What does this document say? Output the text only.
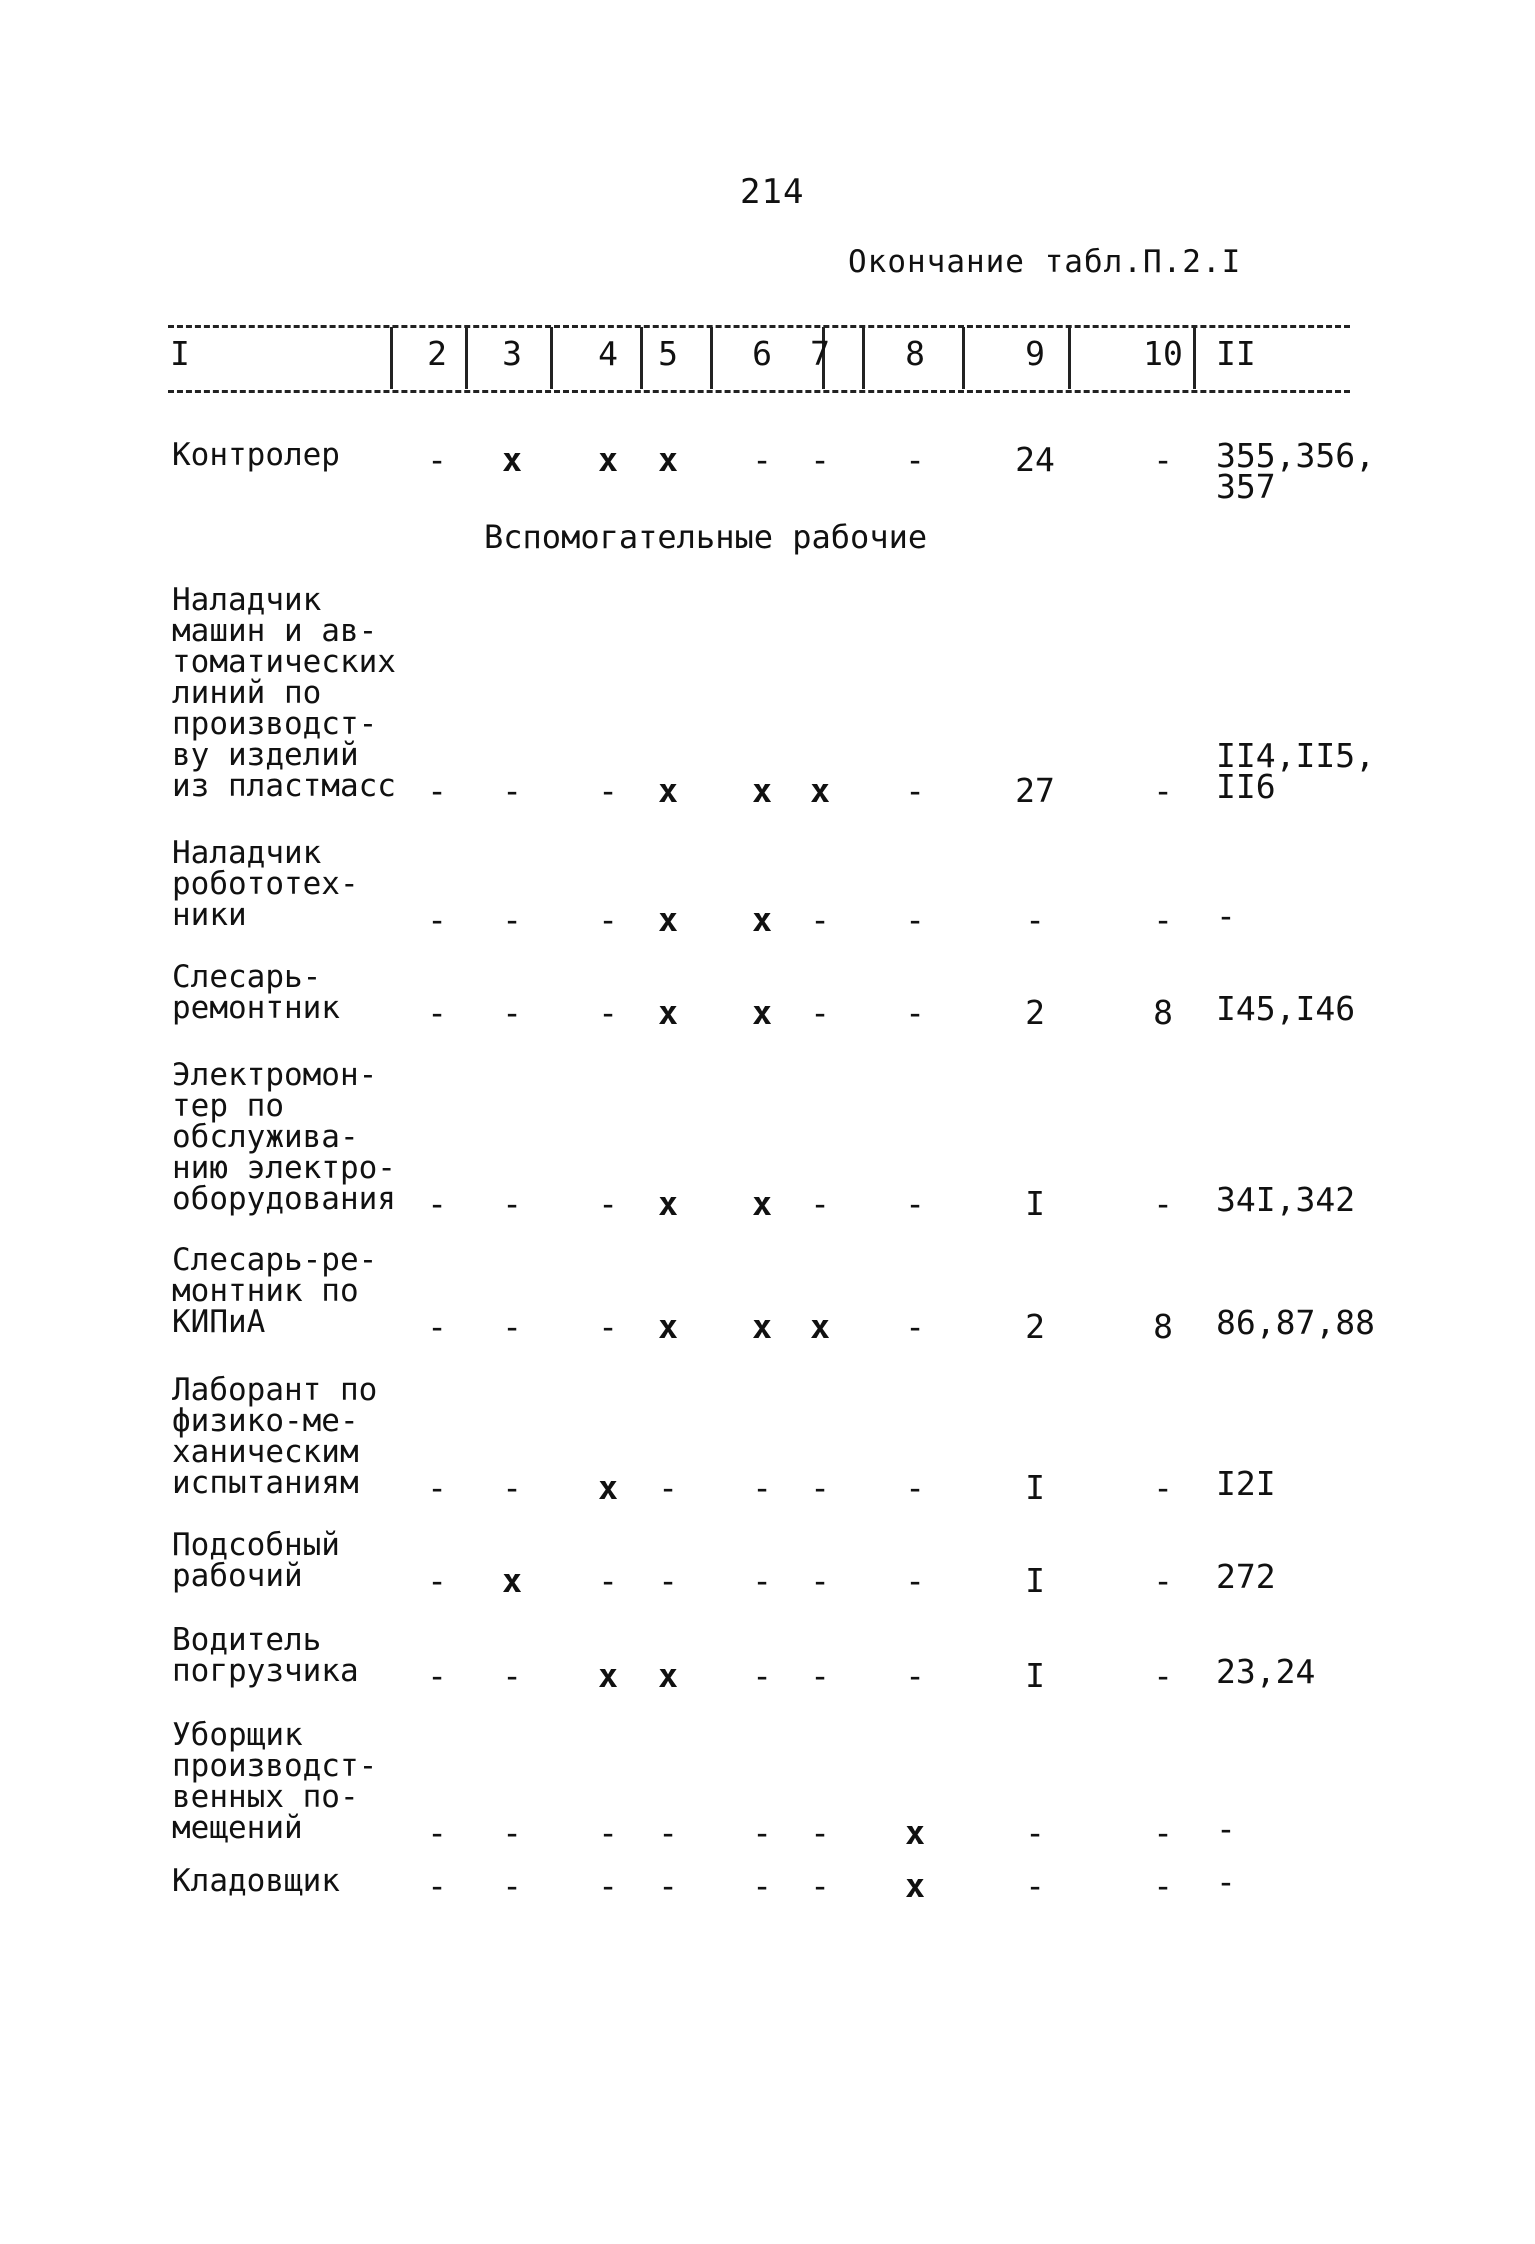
214
Окончание табл.П.2.I
I	2	3	4	5	6	7	8	9	10	II
Вспомогательные рабочие
Контролер	-	х	х	х	-	-	-	24	-	355,356,
357
Наладчик
машин и ав-
томатических
линий по
производст-
ву изделий
из пластмасс -	-	-	х	х	х	-	27	-
II4,II5,
II6
Наладчик
робототех-
ники	-	-	-	х	х	-	-	-	-	-
Слесарь-
ремонтник	-	-	-	х	х	-	-	2	8	I45,I46
Электромон-
тер по
обслужива-
нию электро-
оборудования -	-	-	х	х	-	-	I	-	34I,342
Слесарь-ре-
монтник по
КИПиА	-	-	-	х	х	х	-	2	8	86,87,88
Лаборант по
физико-ме-
ханическим
испытаниям	-	-	х	-	-	-	-	I	-	I2I
Подсобный
рабочий	-	х	-	-	-	-	-	I	-	272
Водитель
погрузчика	-	-	х	х	-	-	-	I	-	23,24
Уборщик
производст-
венных по-
мещений	-	-	-	-	-	-	х	-	-	-
Кладовщик	-	-	-	-	-	-	х	-	-	-
